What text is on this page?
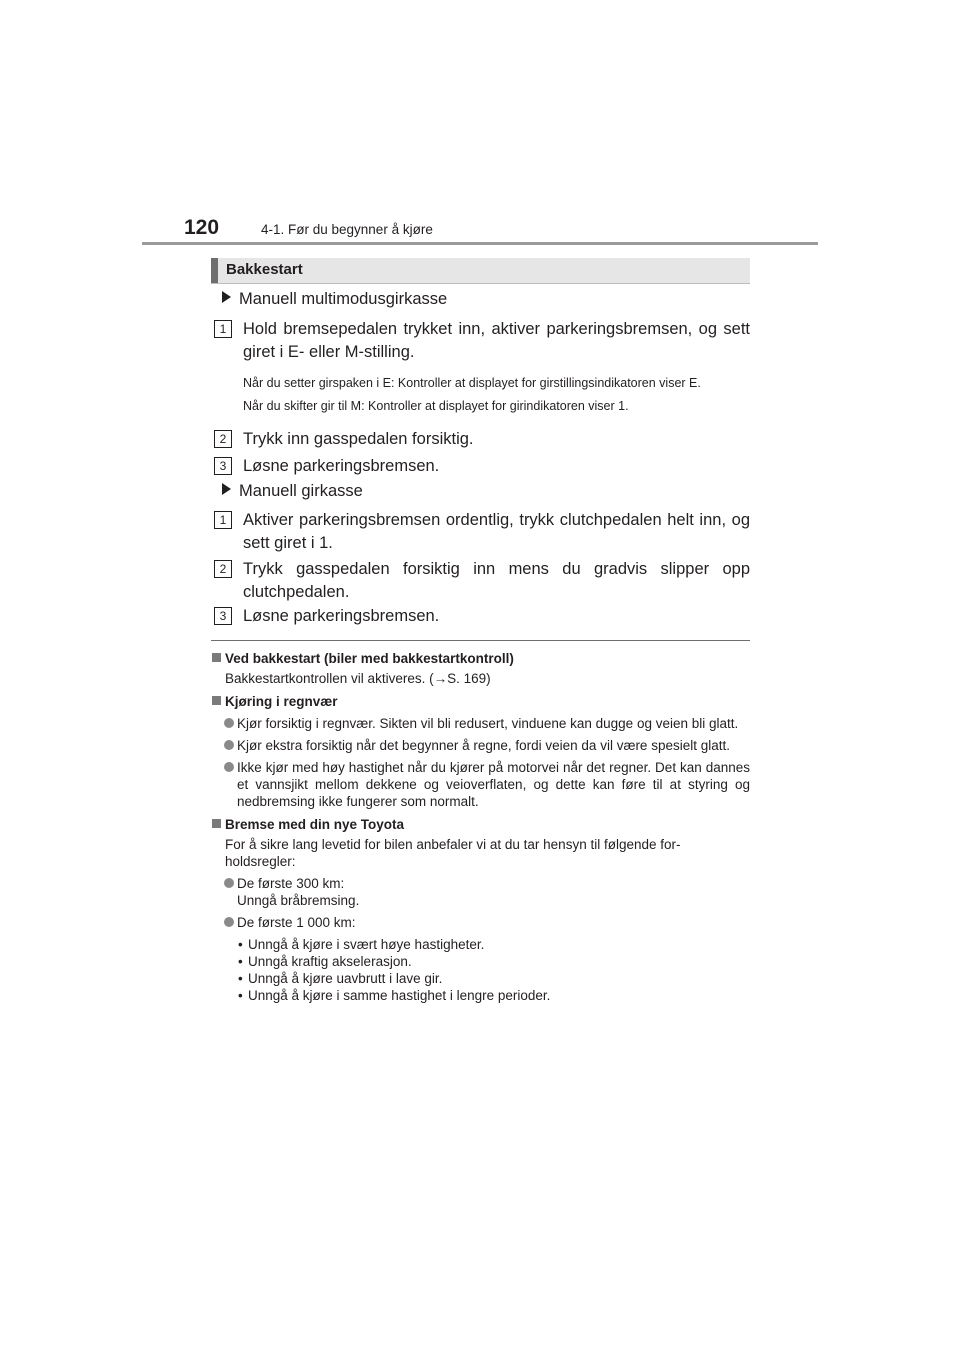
120	4-1. Før du begynner å kjøre
Bakkestart
Manuell multimodusgirkasse
1	Hold bremsepedalen trykket inn, aktiver parkeringsbremsen, og sett giret i E- eller M-stilling.
Når du setter girspaken i E: Kontroller at displayet for girstillingsindikatoren viser E.
Når du skifter gir til M: Kontroller at displayet for girindikatoren viser 1.
2	Trykk inn gasspedalen forsiktig.
3	Løsne parkeringsbremsen.
Manuell girkasse
1	Aktiver parkeringsbremsen ordentlig, trykk clutchpedalen helt inn, og sett giret i 1.
2	Trykk gasspedalen forsiktig inn mens du gradvis slipper opp clutchpedalen.
3	Løsne parkeringsbremsen.
Ved bakkestart (biler med bakkestartkontroll)
Bakkestartkontrollen vil aktiveres. (→S. 169)
Kjøring i regnvær
Kjør forsiktig i regnvær. Sikten vil bli redusert, vinduene kan dugge og veien bli glatt.
Kjør ekstra forsiktig når det begynner å regne, fordi veien da vil være spesielt glatt.
Ikke kjør med høy hastighet når du kjører på motorvei når det regner. Det kan dannes et vannsjikt mellom dekkene og veioverflaten, og dette kan føre til at styring og nedbremsing ikke fungerer som normalt.
Bremse med din nye Toyota
For å sikre lang levetid for bilen anbefaler vi at du tar hensyn til følgende for-holdsregler:
De første 300 km:
Unngå bråbremsing.
De første 1 000 km:
• Unngå å kjøre i svært høye hastigheter.
• Unngå kraftig akselerasjon.
• Unngå å kjøre uavbrutt i lave gir.
• Unngå å kjøre i samme hastighet i lengre perioder.
